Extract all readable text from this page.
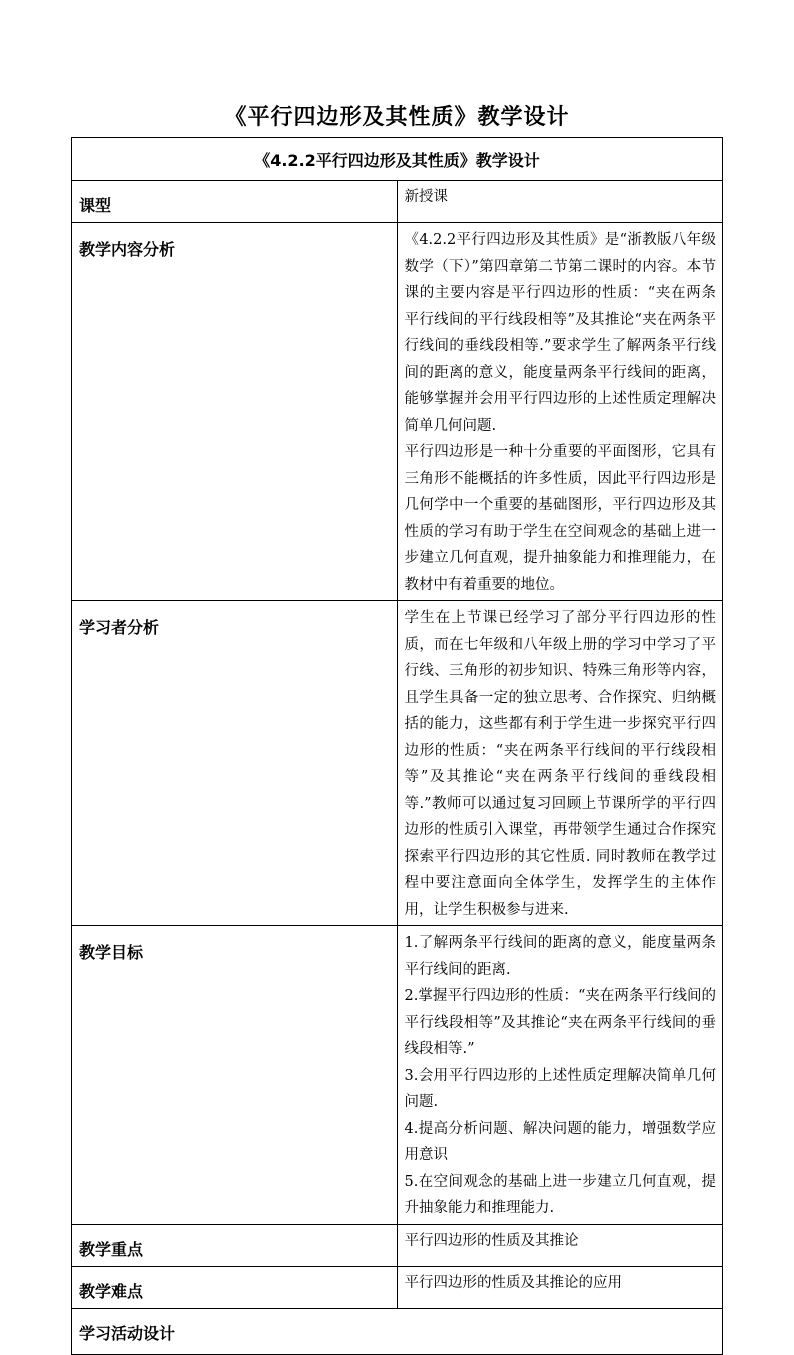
《平行四边形及其性质》教学设计
《4.2.2平行四边形及其性质》教学设计	
课型	新授课

教学内容分析	《4.2.2平行四边形及其性质》是“浙教版八年级数学（下）”第四章第二节第二课时的内容。本节课的主要内容是平行四边形的性质：“夹在两条平行线间的平行线段相等”及其推论“夹在两条平行线间的垂线段相等.”要求学生了解两条平行线间的距离的意义，能度量两条平行线间的距离，能够掌握并会用平行四边形的上述性质定理解决简单几何问题.
平行四边形是一种十分重要的平面图形，它具有三角形不能概括的许多性质，因此平行四边形是几何学中一个重要的基础图形，平行四边形及其性质的学习有助于学生在空间观念的基础上进一步建立几何直观，提升抽象能力和推理能力，在教材中有着重要的地位。

学习者分析	学生在上节课已经学习了部分平行四边形的性质，而在七年级和八年级上册的学习中学习了平行线、三角形的初步知识、特殊三角形等内容，且学生具备一定的独立思考、合作探究、归纳概括的能力，这些都有利于学生进一步探究平行四边形的性质：“夹在两条平行线间的平行线段相等”及其推论“夹在两条平行线间的垂线段相等.”教师可以通过复习回顾上节课所学的平行四边形的性质引入课堂，再带领学生通过合作探究探索平行四边形的其它性质. 同时教师在教学过程中要注意面向全体学生，发挥学生的主体作用，让学生积极参与进来.

教学目标	1.了解两条平行线间的距离的意义，能度量两条平行线间的距离.
2.掌握平行四边形的性质：“夹在两条平行线间的平行线段相等”及其推论“夹在两条平行线间的垂线段相等.”
3.会用平行四边形的上述性质定理解决简单几何问题.
4.提高分析问题、解决问题的能力，增强数学应用意识
5.在空间观念的基础上进一步建立几何直观，提升抽象能力和推理能力.

教学重点	平行四边形的性质及其推论

教学难点	平行四边形的性质及其推论的应用

学习活动设计	
